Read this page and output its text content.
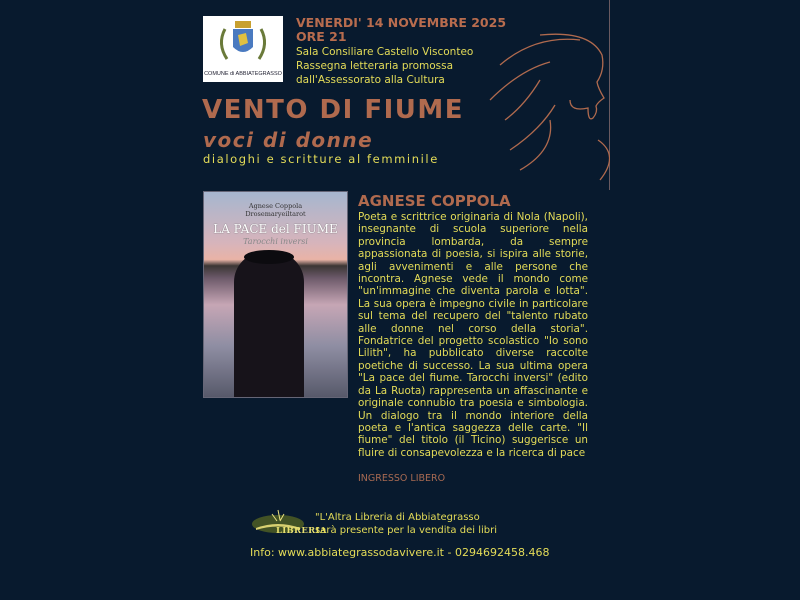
COMUNE di ABBIATEGRASSO
VENERDI' 14 NOVEMBRE 2025
ORE 21
Sala Consiliare Castello Visconteo
Rassegna letteraria promossa
dall'Assessorato alla Cultura
VENTO DI FIUME
voci di donne
dialoghi e scritture al femminile
Agnese Coppola
Drosemaryeiltarot
LA PACE del FIUME
Tarocchi inversi
AGNESE COPPOLA
Poeta e scrittrice originaria di Nola (Napoli), insegnante di scuola superiore nella provincia lombarda, da sempre appassionata di poesia, si ispira alle storie, agli avvenimenti e alle persone che incontra. Agnese vede il mondo come "un'immagine che diventa parola e lotta". La sua opera è impegno civile in particolare sul tema del recupero del "talento rubato alle donne nel corso della storia". Fondatrice del progetto scolastico "Io sono Lilith", ha pubblicato diverse raccolte poetiche di successo. La sua ultima opera "La pace del fiume. Tarocchi inversi" (edito da La Ruota) rappresenta un affascinante e originale connubio tra poesia e simbologia. Un dialogo tra il mondo interiore della poeta e l'antica saggezza delle carte. "Il fiume" del titolo (il Ticino) suggerisce un fluire di consapevolezza e la ricerca di pace
INGRESSO LIBERO
LIBRERIA
"L'Altra Libreria di Abbiategrasso
sarà presente per la vendita dei libri
Info: www.abbiategrassodavivere.it - 0294692458.468
